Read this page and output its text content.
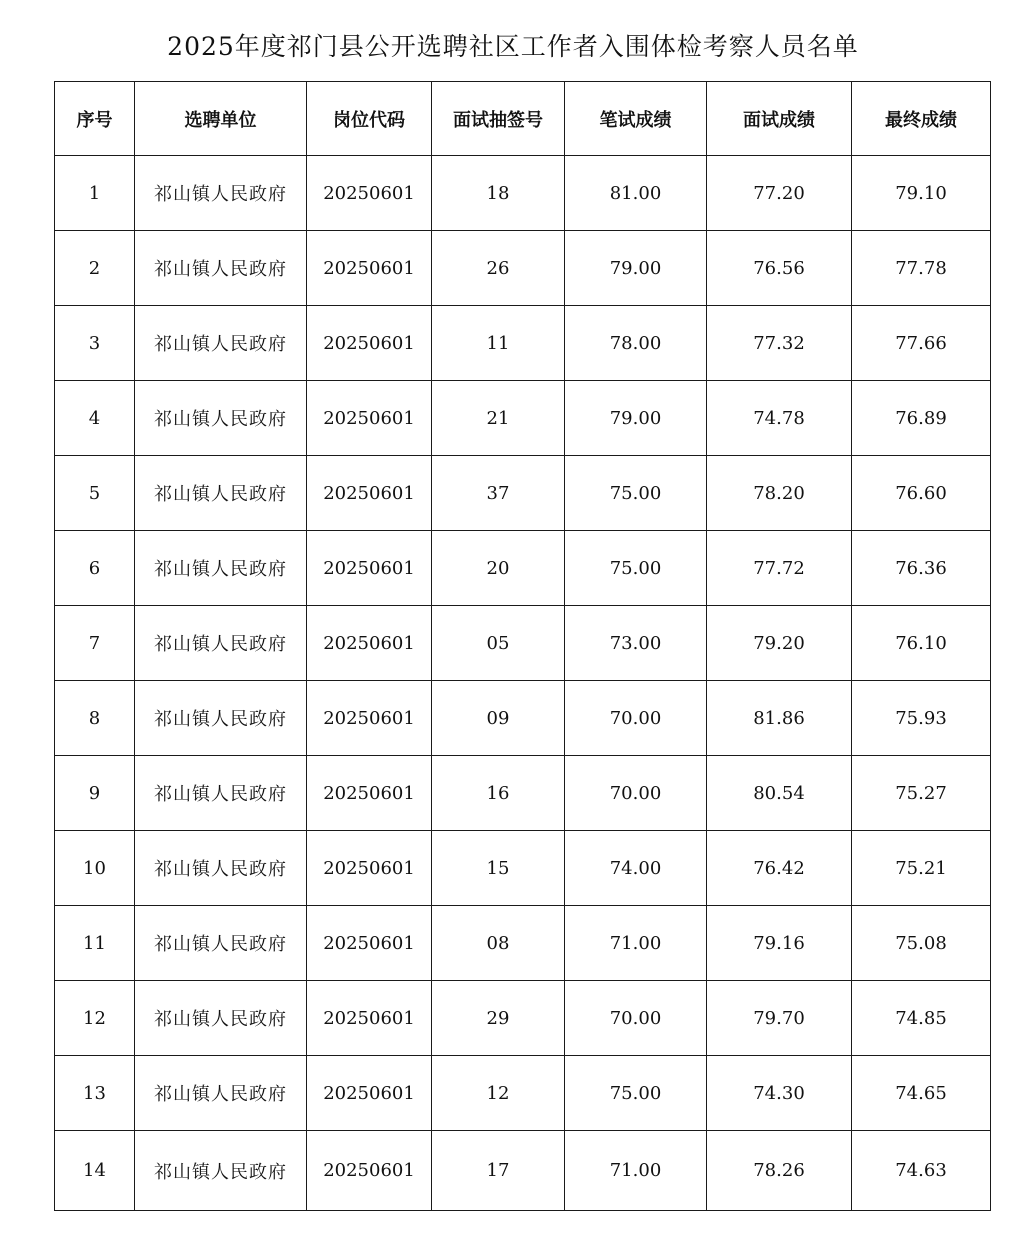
2025年度祁门县公开选聘社区工作者入围体检考察人员名单
序号	选聘单位	岗位代码	面试抽签号	笔试成绩	面试成绩	最终成绩
1	祁山镇人民政府	20250601	18	81.00	77.20	79.10
2	祁山镇人民政府	20250601	26	79.00	76.56	77.78
3	祁山镇人民政府	20250601	11	78.00	77.32	77.66
4	祁山镇人民政府	20250601	21	79.00	74.78	76.89
5	祁山镇人民政府	20250601	37	75.00	78.20	76.60
6	祁山镇人民政府	20250601	20	75.00	77.72	76.36
7	祁山镇人民政府	20250601	05	73.00	79.20	76.10
8	祁山镇人民政府	20250601	09	70.00	81.86	75.93
9	祁山镇人民政府	20250601	16	70.00	80.54	75.27
10	祁山镇人民政府	20250601	15	74.00	76.42	75.21
11	祁山镇人民政府	20250601	08	71.00	79.16	75.08
12	祁山镇人民政府	20250601	29	70.00	79.70	74.85
13	祁山镇人民政府	20250601	12	75.00	74.30	74.65
14	祁山镇人民政府	20250601	17	71.00	78.26	74.63
